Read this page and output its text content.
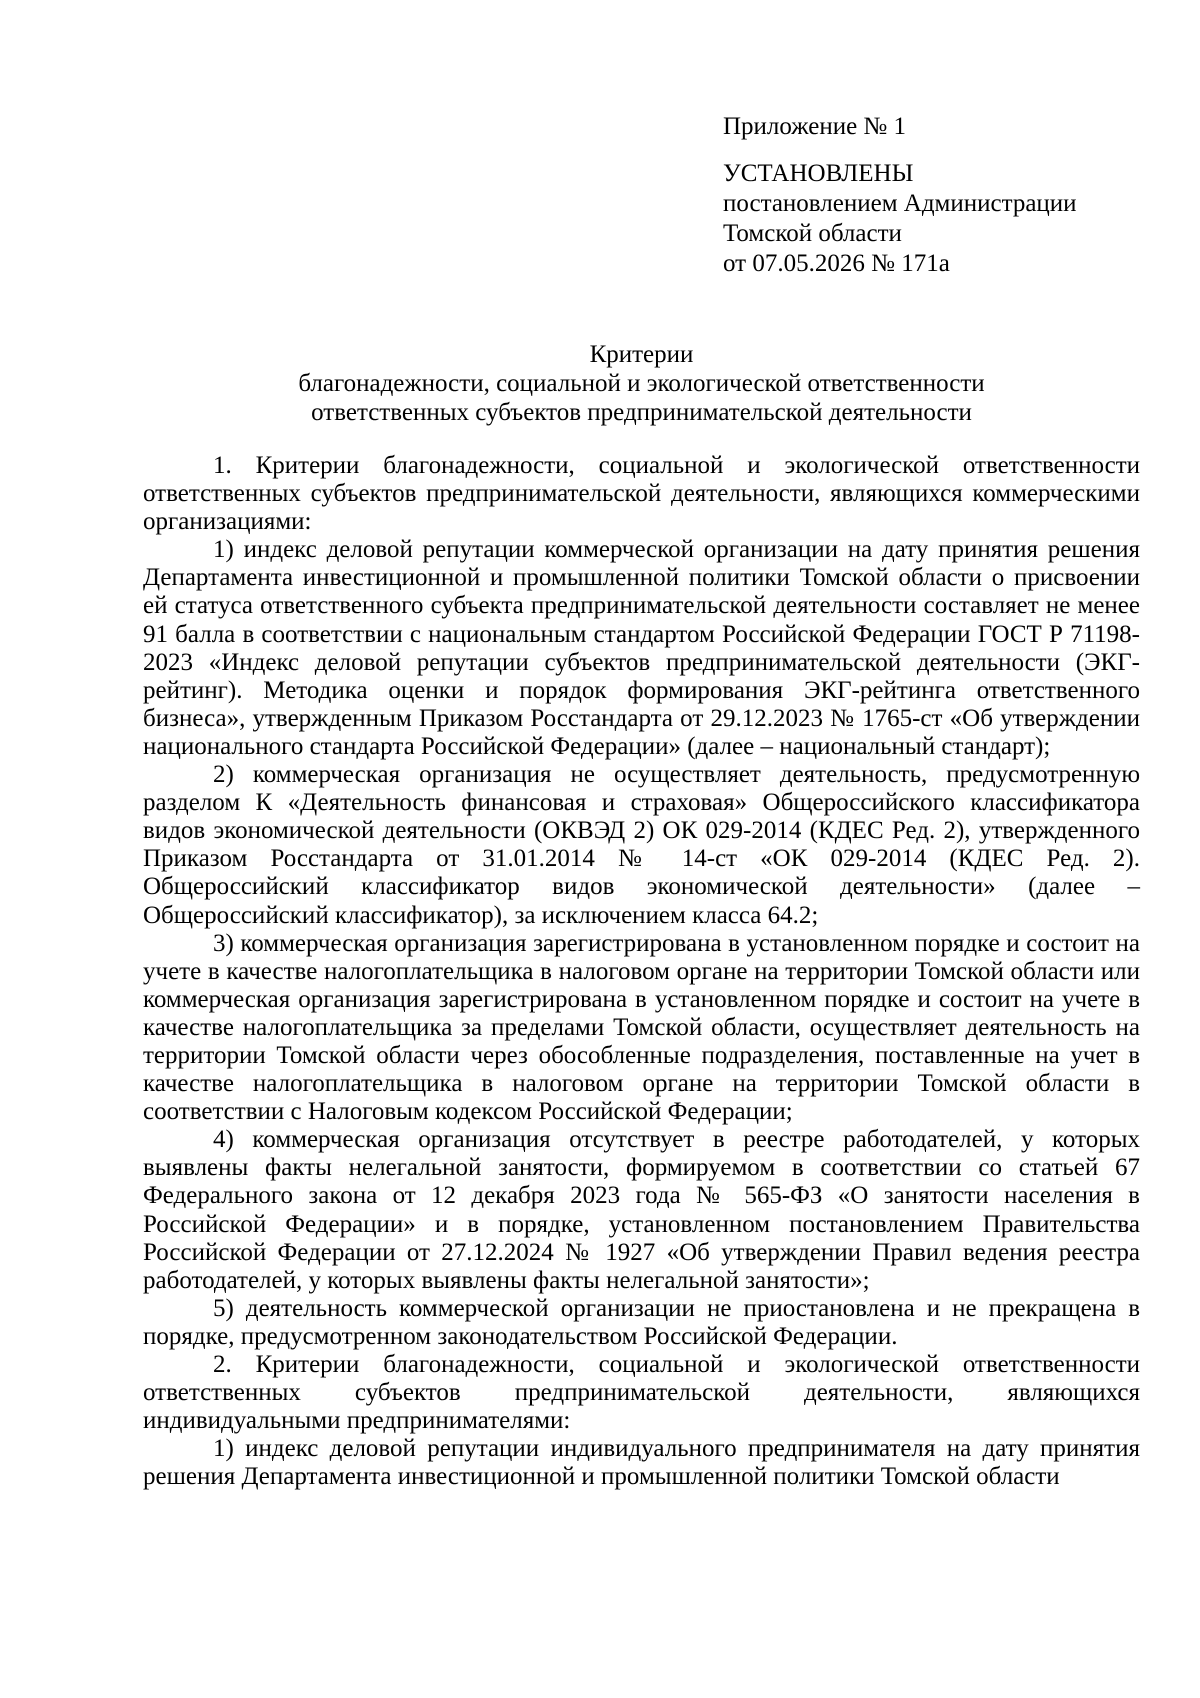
Приложение № 1
УСТАНОВЛЕНЫ
постановлением Администрации
Томской области
от 07.05.2026 № 171а
Критерии
благонадежности, социальной и экологической ответственности
ответственных субъектов предпринимательской деятельности

1. Критерии благонадежности, социальной и экологической ответственности ответственных субъектов предпринимательской деятельности, являющихся коммерческими организациями:

1) индекс деловой репутации коммерческой организации на дату принятия решения Департамента инвестиционной и промышленной политики Томской области о присвоении ей статуса ответственного субъекта предпринимательской деятельности составляет не менее 91 балла в соответствии с национальным стандартом Российской Федерации ГОСТ Р 71198-2023 «Индекс деловой репутации субъектов предпринимательской деятельности (ЭКГ-рейтинг). Методика оценки и порядок формирования ЭКГ-рейтинга ответственного бизнеса», утвержденным Приказом Росстандарта от 29.12.2023 № 1765-ст «Об утверждении национального стандарта Российской Федерации» (далее – национальный стандарт);

2) коммерческая организация не осуществляет деятельность, предусмотренную разделом К «Деятельность финансовая и страховая» Общероссийского классификатора видов экономической деятельности (ОКВЭД 2) ОК 029-2014 (КДЕС Ред. 2), утвержденного Приказом Росстандарта от 31.01.2014 № 14-ст «ОК 029-2014 (КДЕС Ред. 2). Общероссийский классификатор видов экономической деятельности» (далее – Общероссийский классификатор), за исключением класса 64.2;

3) коммерческая организация зарегистрирована в установленном порядке и состоит на учете в качестве налогоплательщика в налоговом органе на территории Томской области или коммерческая организация зарегистрирована в установленном порядке и состоит на учете в качестве налогоплательщика за пределами Томской области, осуществляет деятельность на территории Томской области через обособленные подразделения, поставленные на учет в качестве налогоплательщика в налоговом органе на территории Томской области в соответствии с Налоговым кодексом Российской Федерации;

4) коммерческая организация отсутствует в реестре работодателей, у которых выявлены факты нелегальной занятости, формируемом в соответствии со статьей 67 Федерального закона от 12 декабря 2023 года № 565-ФЗ «О занятости населения в Российской Федерации» и в порядке, установленном постановлением Правительства Российской Федерации от 27.12.2024 № 1927 «Об утверждении Правил ведения реестра работодателей, у которых выявлены факты нелегальной занятости»;

5) деятельность коммерческой организации не приостановлена и не прекращена в порядке, предусмотренном законодательством Российской Федерации.

2. Критерии благонадежности, социальной и экологической ответственности ответственных субъектов предпринимательской деятельности, являющихся индивидуальными предпринимателями:

1) индекс деловой репутации индивидуального предпринимателя на дату принятия решения Департамента инвестиционной и промышленной политики Томской области
